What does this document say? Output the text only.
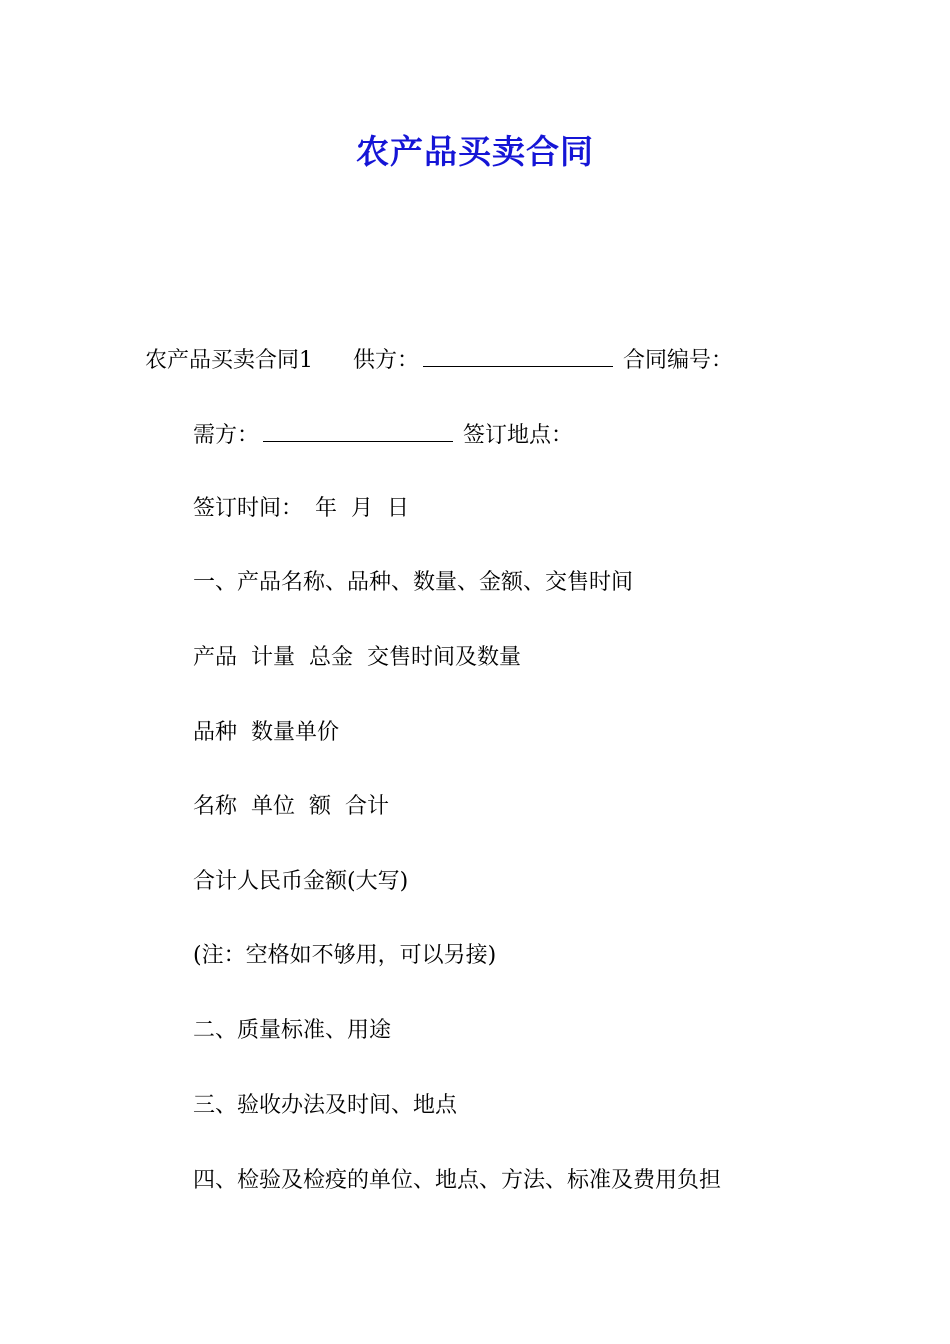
农产品买卖合同
农产品买卖合同1 供方：	合同编号：
需方：	签订地点：
签订时间： 年 月 日
一、产品名称、品种、数量、金额、交售时间
产品 计量 总金 交售时间及数量
品种 数量单价
名称 单位 额 合计
合计人民币金额(大写)
(注：空格如不够用，可以另接)
二、质量标准、用途
三、验收办法及时间、地点
四、检验及检疫的单位、地点、方法、标准及费用负担
